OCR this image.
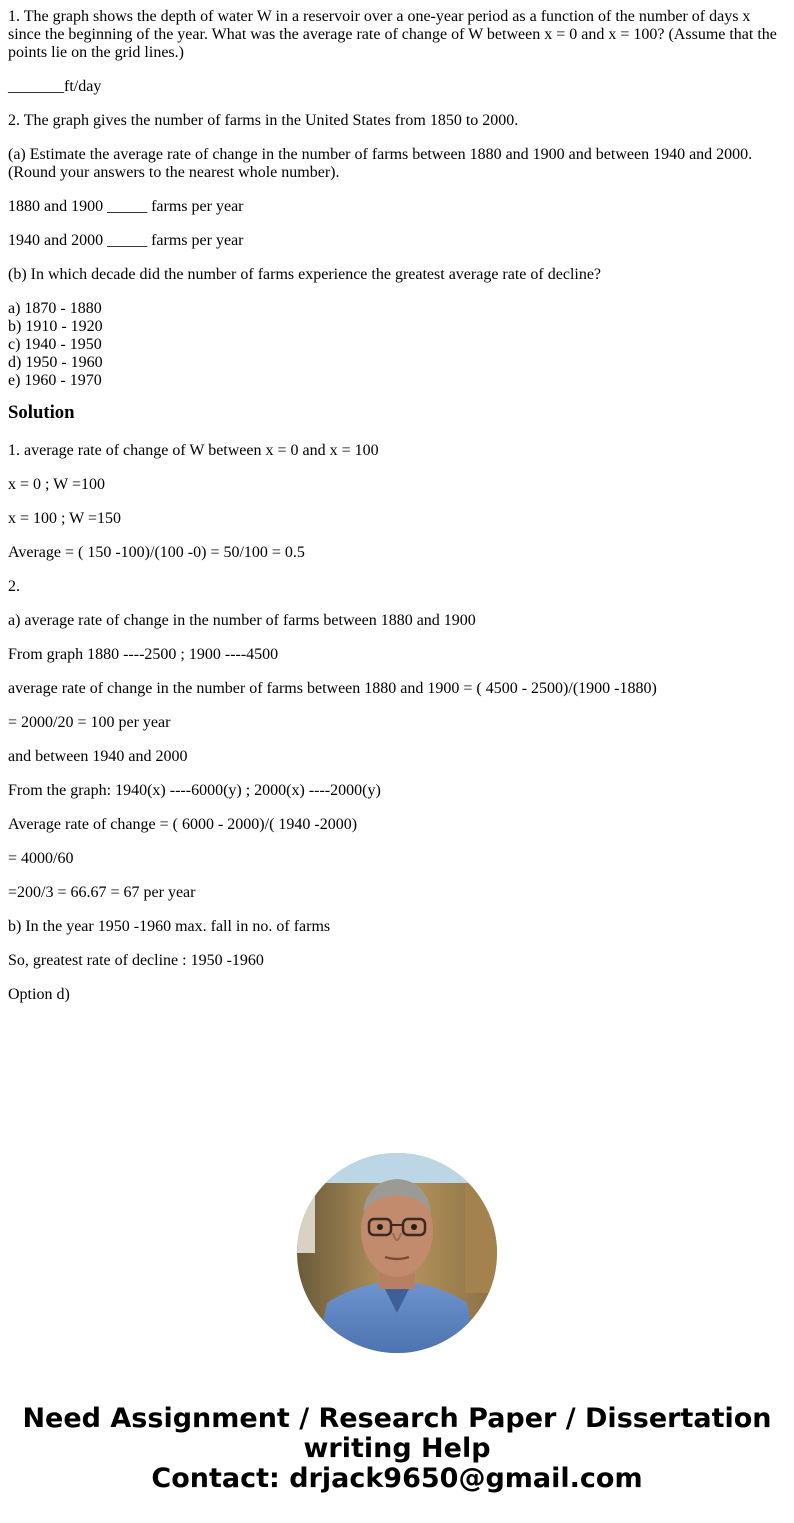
1. The graph shows the depth of water W in a reservoir over a one-year period as a function of the number of days x since the beginning of the year. What was the average rate of change of W between x = 0 and x = 100? (Assume that the points lie on the grid lines.)

_______ft/day

2. The graph gives the number of farms in the United States from 1850 to 2000.

(a) Estimate the average rate of change in the number of farms between 1880 and 1900 and between 1940 and 2000. (Round your answers to the nearest whole number).

1880 and 1900 _____ farms per year

1940 and 2000 _____ farms per year

(b) In which decade did the number of farms experience the greatest average rate of decline?

a) 1870 - 1880
b) 1910 - 1920
c) 1940 - 1950
d) 1950 - 1960
e) 1960 - 1970
Solution

1. average rate of change of W between x = 0 and x = 100

x = 0 ; W =100

x = 100 ; W =150

Average = ( 150 -100)/(100 -0) = 50/100 = 0.5

2.

a) average rate of change in the number of farms between 1880 and 1900

From graph 1880 ----2500 ; 1900 ----4500

average rate of change in the number of farms between 1880 and 1900 = ( 4500 - 2500)/(1900 -1880)

= 2000/20 = 100 per year

and between 1940 and 2000

From the graph: 1940(x) ----6000(y) ; 2000(x) ----2000(y)

Average rate of change = ( 6000 - 2000)/( 1940 -2000)

= 4000/60

=200/3 = 66.67 = 67 per year

b) In the year 1950 -1960 max. fall in no. of farms

So, greatest rate of decline : 1950 -1960

Option d)

Need Assignment / Research Paper / Dissertation
writing Help
Contact: drjack9650@gmail.com
